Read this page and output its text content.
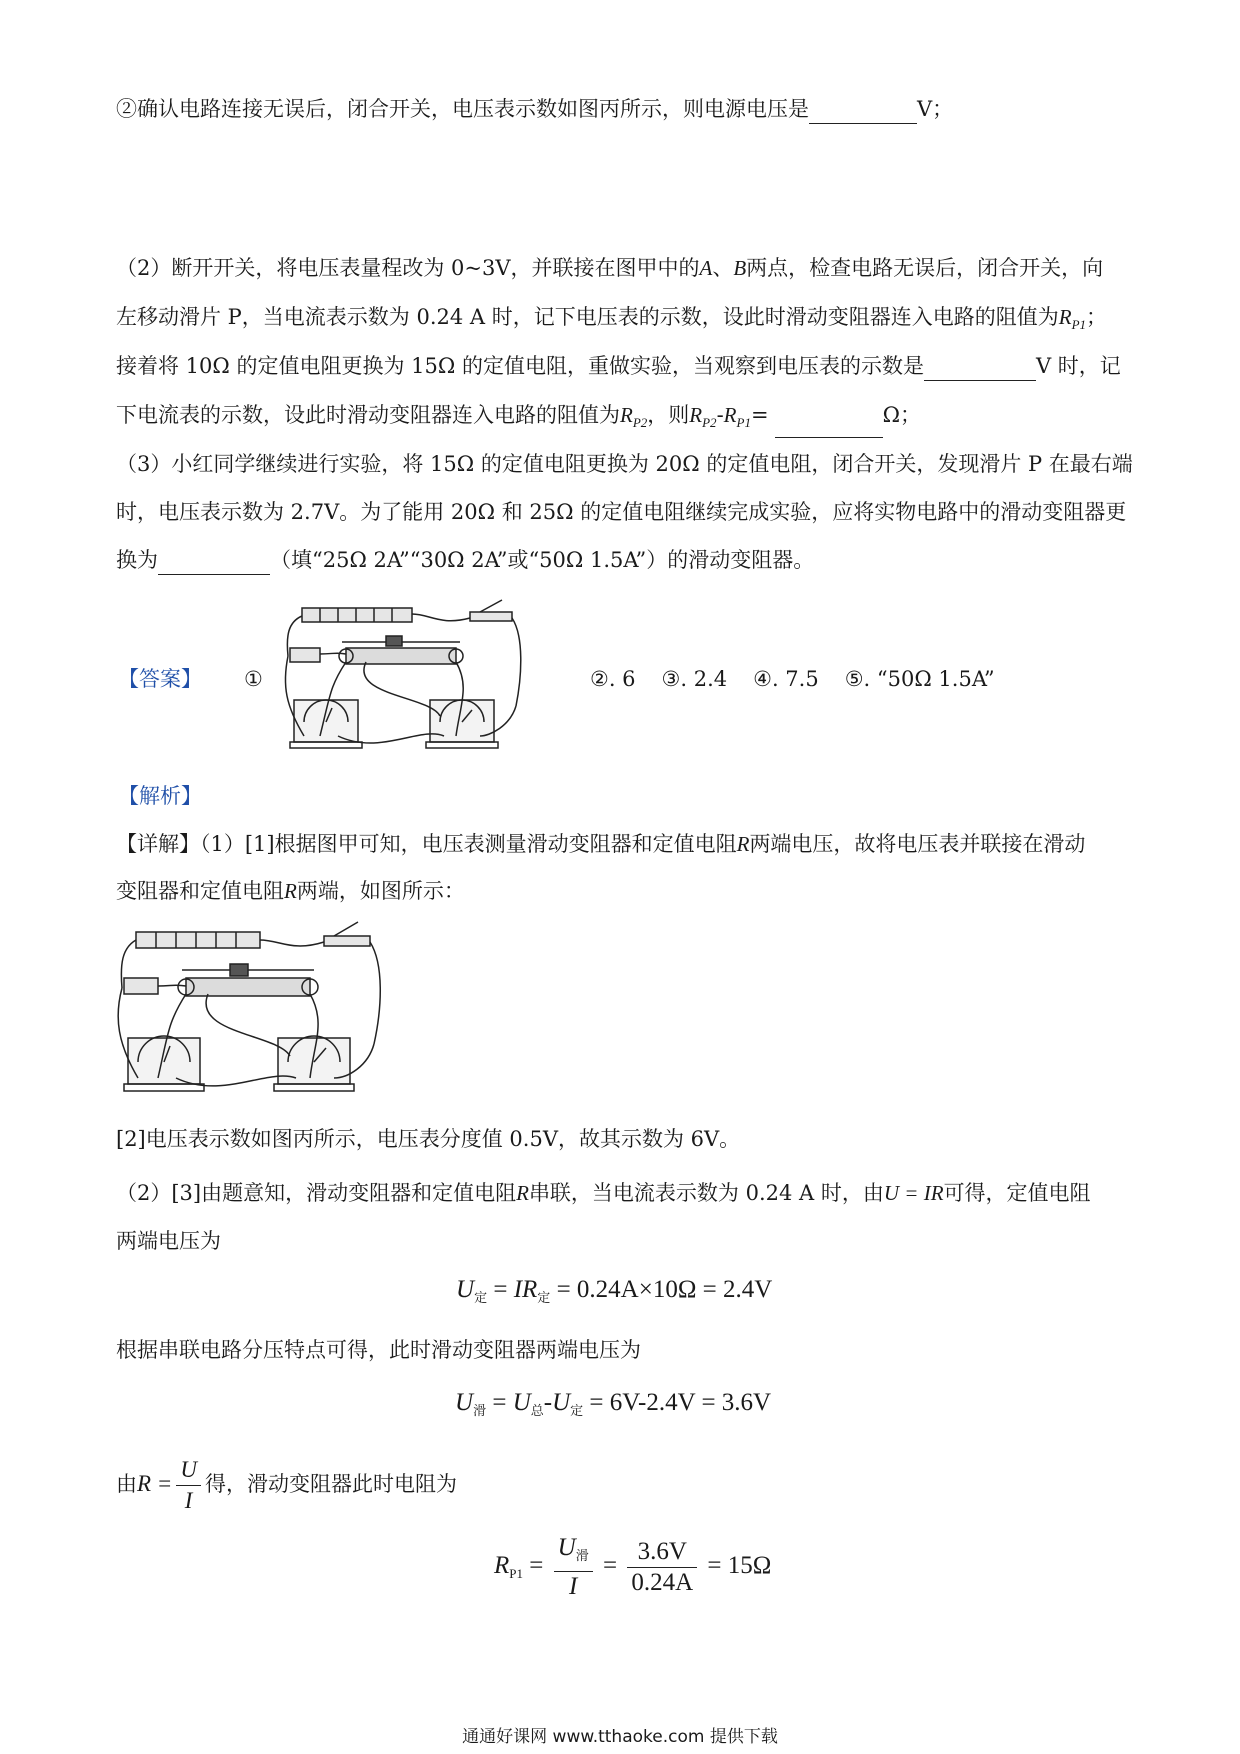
②确认电路连接无误后，闭合开关，电压表示数如图丙所示，则电源电压是	V；
（2）断开开关，将电压表量程改为 0~3V，并联接在图甲中的A、B两点，检查电路无误后，闭合开关，向
左移动滑片 P，当电流表示数为 0.24 A 时，记下电压表的示数，设此时滑动变阻器连入电路的阻值为$R_{P1}$；
接着将 10Ω 的定值电阻更换为 15Ω 的定值电阻，重做实验，当观察到电压表的示数是	V 时，记
下电流表的示数，设此时滑动变阻器连入电路的阻值为$R_{P2}$，则$R_{P2}-R_{P1}=$	Ω；
（3）小红同学继续进行实验，将 15Ω 的定值电阻更换为 20Ω 的定值电阻，闭合开关，发现滑片 P 在最右端
时，电压表示数为 2.7V。为了能用 20Ω 和 25Ω 的定值电阻继续完成实验，应将实物电路中的滑动变阻器更
换为	（填“25Ω 2A”“30Ω 2A”或“50Ω 1.5A”）的滑动变阻器。
【答案】	①	②. 6 ③. 2.4 ④. 7.5 ⑤. “50Ω 1.5A”
【解析】
【详解】（1）[1]根据图甲可知，电压表测量滑动变阻器和定值电阻R两端电压，故将电压表并联接在滑动
变阻器和定值电阻R两端，如图所示：
[2]电压表示数如图丙所示，电压表分度值 0.5V，故其示数为 6V。
（2）[3]由题意知，滑动变阻器和定值电阻R串联，当电流表示数为 0.24 A 时，由U = IR可得，定值电阻
两端电压为
$U_定 = IR_定 = 0.24A\times 10\Omega = 2.4V$
根据串联电路分压特点可得，此时滑动变阻器两端电压为
$U_滑 = U_总-U_定 = 6V-2.4V = 3.6V$
由$R = \frac{U}{I}$ 得，滑动变阻器此时电阻为
$R_{P1} = \frac{U_滑}{I} = \frac{3.6V}{0.24A} = 15\Omega$
通通好课网 www.tthaoke.com 提供下载
